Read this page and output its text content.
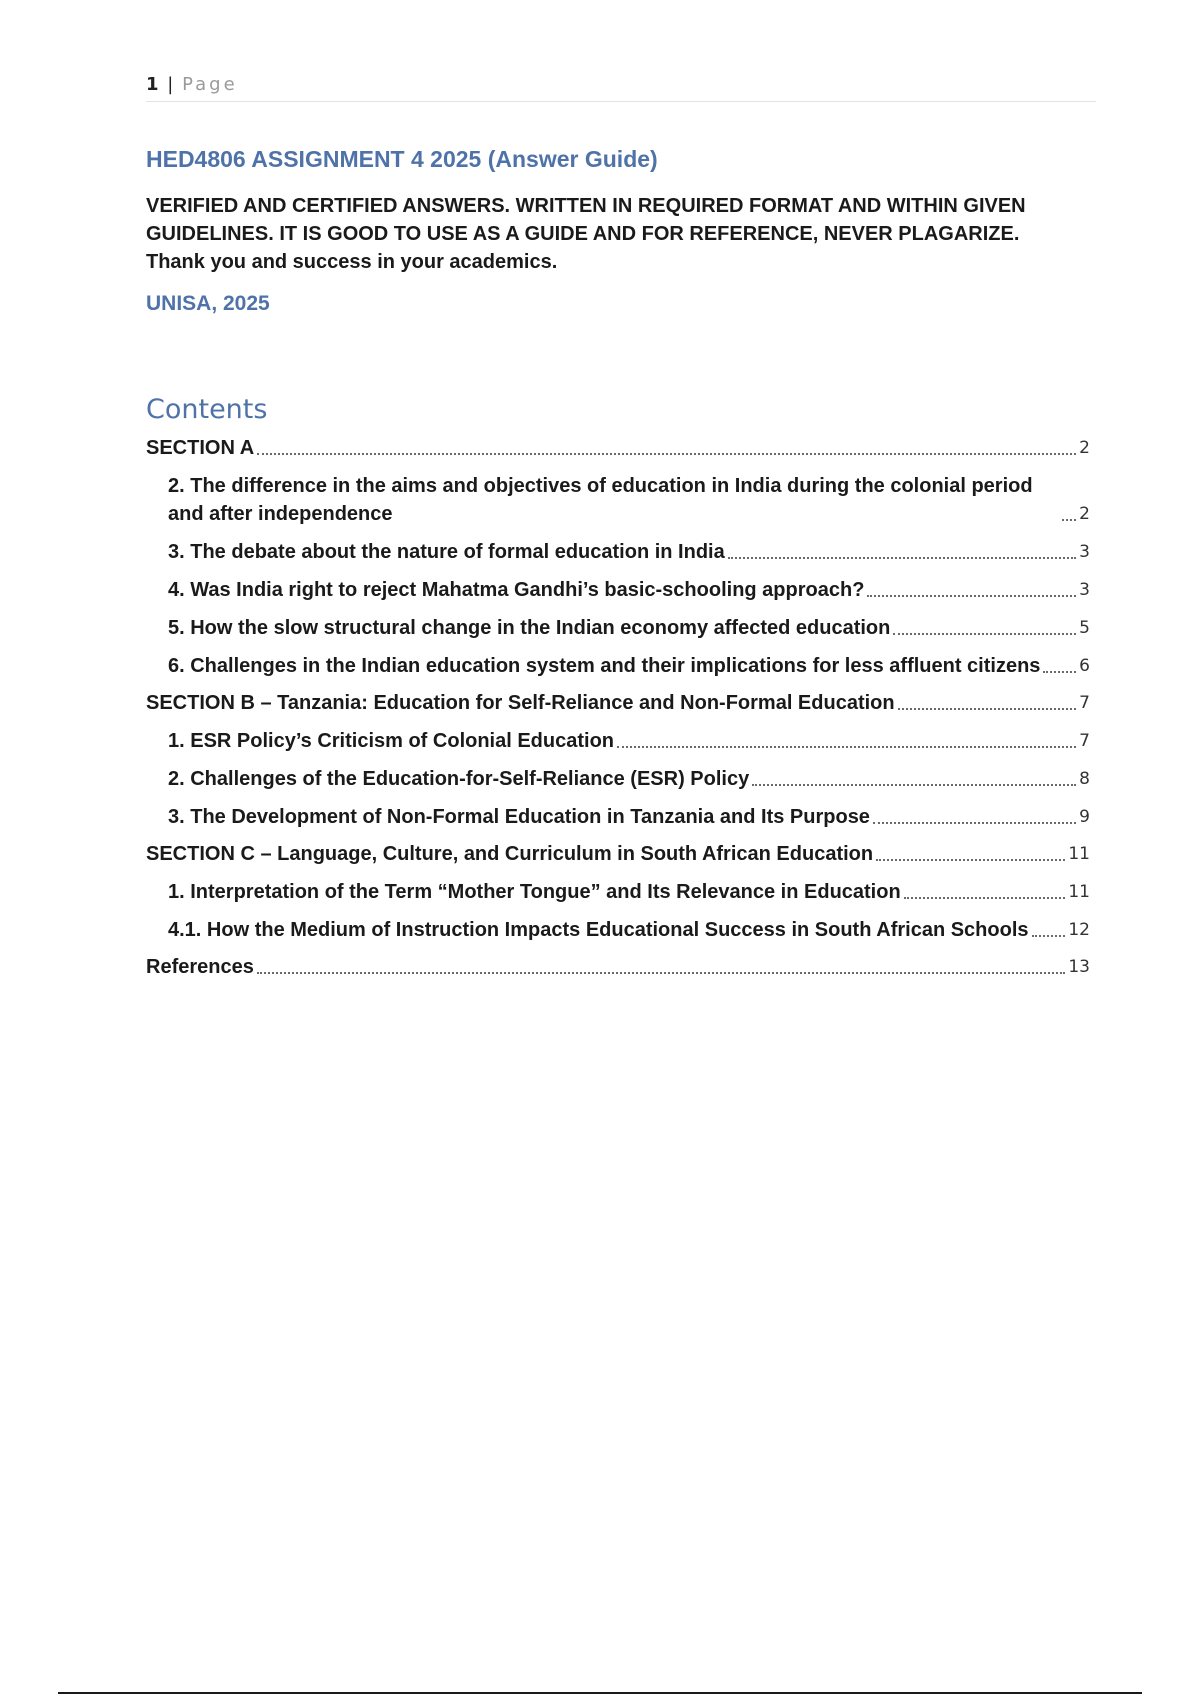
1 | Page
HED4806 ASSIGNMENT 4 2025 (Answer Guide)

VERIFIED AND CERTIFIED ANSWERS. WRITTEN IN REQUIRED FORMAT AND WITHIN GIVEN GUIDELINES. IT IS GOOD TO USE AS A GUIDE AND FOR REFERENCE, NEVER PLAGARIZE. Thank you and success in your academics.

UNISA, 2025

Contents
SECTION A	2
2. The difference in the aims and objectives of education in India during the colonial period and after independence	2
3. The debate about the nature of formal education in India	3
4. Was India right to reject Mahatma Gandhi’s basic-schooling approach?	3
5. How the slow structural change in the Indian economy affected education	5
6. Challenges in the Indian education system and their implications for less affluent citizens 6
SECTION B – Tanzania: Education for Self-Reliance and Non-Formal Education	7
1. ESR Policy’s Criticism of Colonial Education	7
2. Challenges of the Education-for-Self-Reliance (ESR) Policy	8
3. The Development of Non-Formal Education in Tanzania and Its Purpose	9
SECTION C – Language, Culture, and Curriculum in South African Education	11
1. Interpretation of the Term “Mother Tongue” and Its Relevance in Education	11
4.1. How the Medium of Instruction Impacts Educational Success in South African Schools 12
References	13
